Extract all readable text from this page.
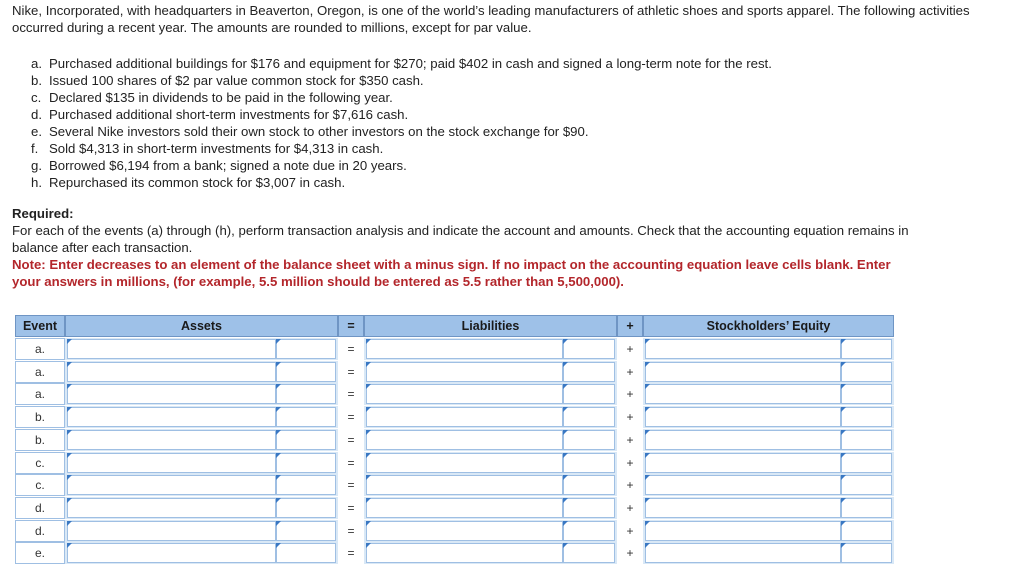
Nike, Incorporated, with headquarters in Beaverton, Oregon, is one of the world’s leading manufacturers of athletic shoes and sports apparel. The following activities occurred during a recent year. The amounts are rounded to millions, except for par value.
a. Purchased additional buildings for $176 and equipment for $270; paid $402 in cash and signed a long-term note for the rest.
b. Issued 100 shares of $2 par value common stock for $350 cash.
c. Declared $135 in dividends to be paid in the following year.
d. Purchased additional short-term investments for $7,616 cash.
e. Several Nike investors sold their own stock to other investors on the stock exchange for $90.
f. Sold $4,313 in short-term investments for $4,313 in cash.
g. Borrowed $6,194 from a bank; signed a note due in 20 years.
h. Repurchased its common stock for $3,007 in cash.
Required:
For each of the events (a) through (h), perform transaction analysis and indicate the account and amounts. Check that the accounting equation remains in balance after each transaction.
Note: Enter decreases to an element of the balance sheet with a minus sign. If no impact on the accounting equation leave cells blank. Enter your answers in millions, (for example, 5.5 million should be entered as 5.5 rather than 5,500,000).
Event	Assets	=	Liabilities	+	Stockholders’ Equity
a.	=	+
a.	=	+
a.	=	+
b.	=	+
b.	=	+
c.	=	+
c.	=	+
d.	=	+
d.	=	+
e.	=	+
